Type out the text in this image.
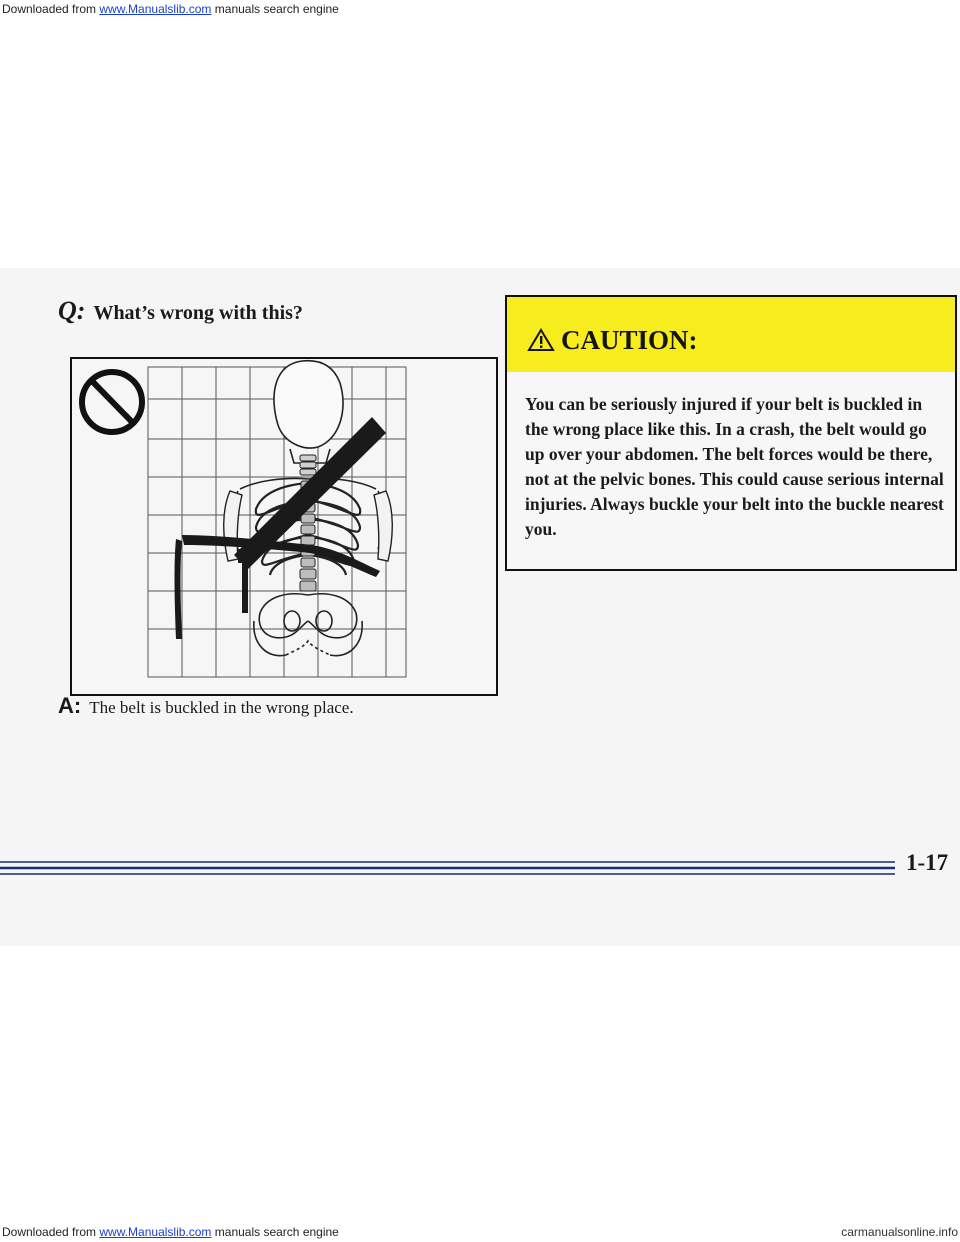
Downloaded from www.Manualslib.com manuals search engine
Q: What’s wrong with this?
A: The belt is buckled in the wrong place.
CAUTION:
You can be seriously injured if your belt is buckled in the wrong place like this. In a crash, the belt would go up over your abdomen. The belt forces would be there, not at the pelvic bones. This could cause serious internal injuries. Always buckle your belt into the buckle nearest you.
1-17
Downloaded from www.Manualslib.com manuals search engine	carmanualsonline.info
